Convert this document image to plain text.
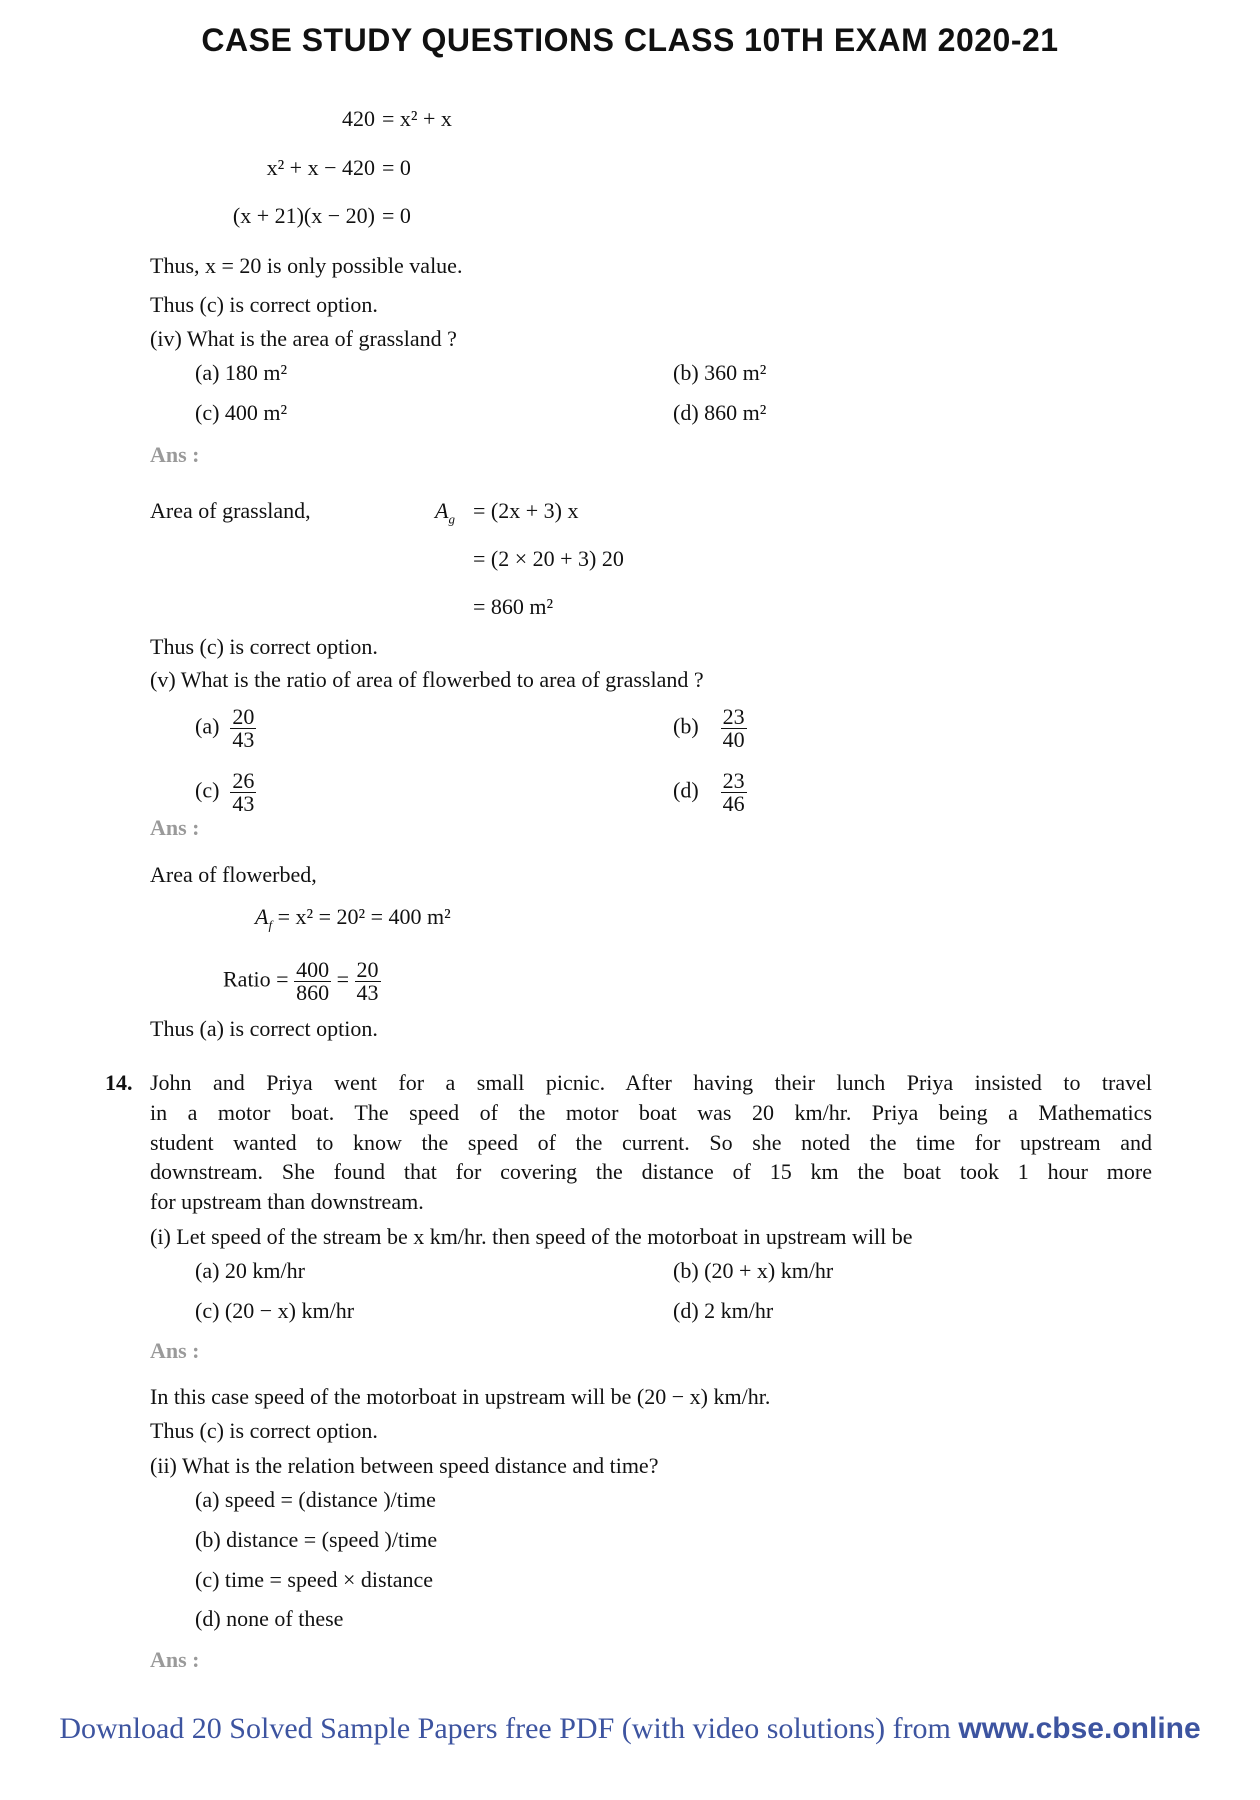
CASE STUDY QUESTIONS CLASS 10TH EXAM 2020-21
420 = x² + x
x² + x − 420 = 0
(x + 21)(x − 20) = 0
Thus, x = 20 is only possible value.
Thus (c) is correct option.
(iv) What is the area of grassland ?
(a) 180 m²	(b) 360 m²
(c) 400 m²	(d) 860 m²
Ans :
Area of grassland,	$A_g = (2x + 3)$ x
= (2 × 20 + 3) 20
= 860 m²
Thus (c) is correct option.
(v) What is the ratio of area of flowerbed to area of grassland ?
$(a) \frac{20}{43}$	$(b) \frac{23}{40}$
$(c) \frac{26}{43}$	$(d) \frac{23}{46}$
Ans :
Area of flowerbed,
$A_f = x^2 = 20^2 = 400$ m²
Ratio = $\frac{400}{860} = \frac{20}{43}$
Thus (a) is correct option.
14. John and Priya went for a small picnic. After having their lunch Priya insisted to travel
in a motor boat. The speed of the motor boat was 20 km/hr. Priya being a Mathematics
student wanted to know the speed of the current. So she noted the time for upstream and
downstream. She found that for covering the distance of 15 km the boat took 1 hour more
for upstream than downstream.
(i) Let speed of the stream be x km/hr. then speed of the motorboat in upstream will be
(a) 20 km/hr	(b) (20 + x) km/hr
(c) (20 − x) km/hr	(d) 2 km/hr
Ans :
In this case speed of the motorboat in upstream will be (20 − x) km/hr.
Thus (c) is correct option.
(ii) What is the relation between speed distance and time?
(a) speed = (distance )/time
(b) distance = (speed )/time
(c) time = speed × distance
(d) none of these
Ans :
Download 20 Solved Sample Papers free PDF (with video solutions) from www.cbse.online
